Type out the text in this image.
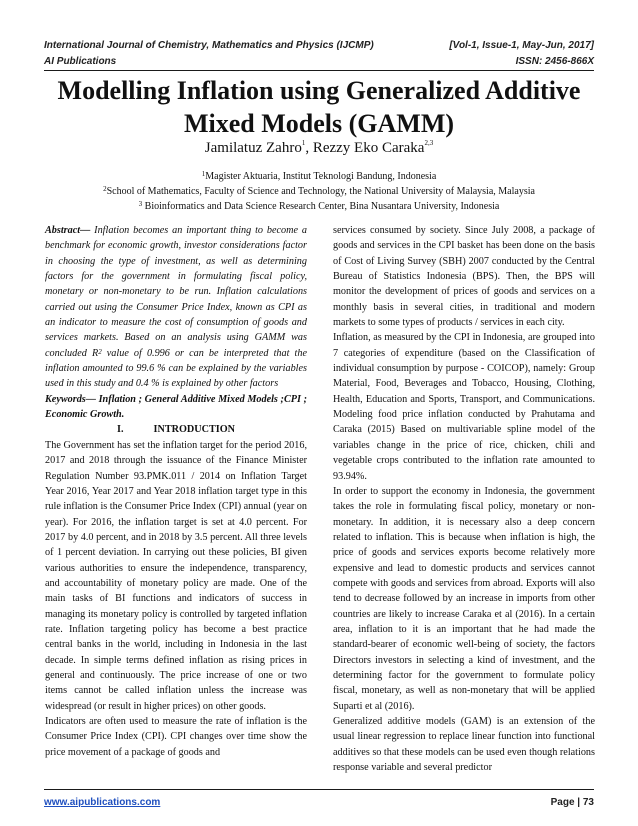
International Journal of Chemistry, Mathematics and Physics (IJCMP)	[Vol-1, Issue-1, May-Jun, 2017]
AI Publications	ISSN: 2456-866X
Modelling Inflation using Generalized Additive Mixed Models (GAMM)
Jamilatuz Zahro$^1$, Rezzy Eko Caraka$^{2,3}$
$^1$Magister Aktuaria, Institut Teknologi Bandung, Indonesia
$^2$School of Mathematics, Faculty of Science and Technology, the National University of Malaysia, Malaysia
$^3$ Bioinformatics and Data Science Research Center, Bina Nusantara University, Indonesia

Abstract— Inflation becomes an important thing to become a benchmark for economic growth, investor considerations factor in choosing the type of investment, as well as determining factors for the government in formulating fiscal policy, monetary or non-monetary to be run. Inflation calculations carried out using the Consumer Price Index, known as CPI as an indicator to measure the cost of consumption of goods and services markets. Based on an analysis using GAMM was concluded $R^2$ value of 0.996 or can be interpreted that the inflation amounted to 99.6 % can be explained by the variables used in this study and 0.4 % is explained by other factors

Keywords— Inflation ; General Additive Mixed Models ;CPI ; Economic Growth.

I.	INTRODUCTION

The Government has set the inflation target for the period 2016, 2017 and 2018 through the issuance of the Finance Minister Regulation Number 93.PMK.011 / 2014 on Inflation Target Year 2016, Year 2017 and Year 2018 inflation target type in this rule inflation is the Consumer Price Index (CPI) annual (year on year). For 2016, the inflation target is set at 4.0 percent. For 2017 by 4.0 percent, and in 2018 by 3.5 percent. All three levels of 1 percent deviation. In carrying out these policies, BI given various authorities to ensure the independence, transparency, and accountability of monetary policy are made. One of the main tasks of BI functions and indicators of success in managing its monetary policy is controlled by targeted inflation rate. Inflation targeting policy has become a best practice central banks in the world, including in Indonesia in the last decade. In simple terms defined inflation as rising prices in general and continuously. The price increase of one or two items cannot be called inflation unless the increase was widespread (or result in higher prices) on other goods.

Indicators are often used to measure the rate of inflation is the Consumer Price Index (CPI). CPI changes over time show the price movement of a package of goods and

services consumed by society. Since July 2008, a package of goods and services in the CPI basket has been done on the basis of Cost of Living Survey (SBH) 2007 conducted by the Central Bureau of Statistics Indonesia (BPS). Then, the BPS will monitor the development of prices of goods and services on a monthly basis in several cities, in traditional and modern markets to some types of products / services in each city.

Inflation, as measured by the CPI in Indonesia, are grouped into 7 categories of expenditure (based on the Classification of individual consumption by purpose - COICOP), namely: Group Material, Food, Beverages and Tobacco, Housing, Clothing, Health, Education and Sports, Transport, and Communications. Modeling food price inflation conducted by Prahutama and Caraka (2015) Based on multivariable spline model of the variables change in the price of rice, chicken, chili and vegetable crops contributed to the inflation rate amounted to 93.94%.

In order to support the economy in Indonesia, the government takes the role in formulating fiscal policy, monetary or non-monetary. In addition, it is necessary also a deep concern related to inflation. This is because when inflation is high, the price of goods and services exports become relatively more expensive and lead to domestic products and services cannot compete with goods and services from abroad. Exports will also tend to decrease followed by an increase in imports from other countries are likely to increase Caraka et al (2016). In a certain area, inflation to it is an important that he had made the standard-bearer of economic well-being of society, the factors Directors investors in selecting a kind of investment, and the determining factor for the government to formulate policy fiscal, monetary, as well as non-monetary that will be applied Suparti et al (2016).

Generalized additive models (GAM) is an extension of the usual linear regression to replace linear function into functional additives so that these models can be used even though relations response variable and several predictor

www.aipublications.com	Page | 73
